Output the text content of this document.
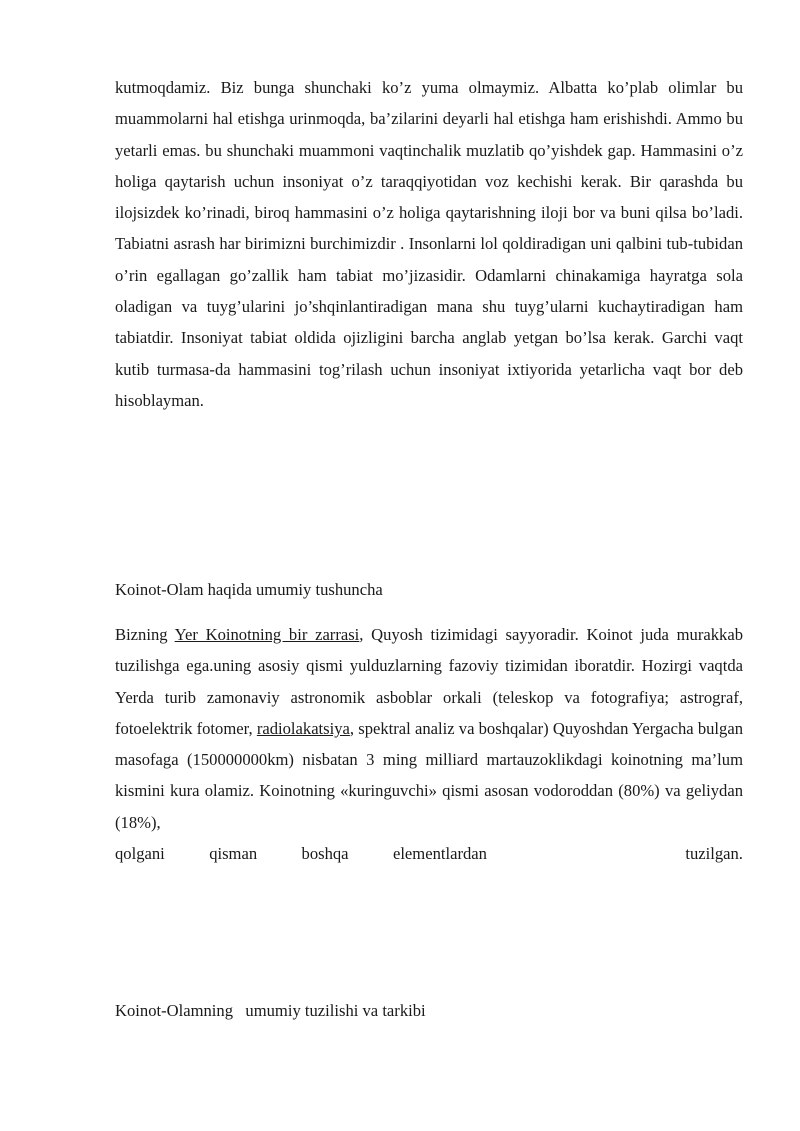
kutmoqdamiz. Biz bunga shunchaki ko’z yuma olmaymiz. Albatta ko’plab olimlar bu muammolarni hal etishga urinmoqda, ba’zilarini deyarli hal etishga ham erishishdi. Ammo bu yetarli emas. bu shunchaki muammoni vaqtinchalik muzlatib qo’yishdek gap. Hammasini o’z holiga qaytarish uchun insoniyat o’z taraqqiyotidan voz kechishi kerak. Bir qarashda bu ilojsizdek ko’rinadi, biroq hammasini o’z holiga qaytarishning iloji bor va buni qilsa bo’ladi. Tabiatni asrash har birimizni burchimizdir . Insonlarni lol qoldiradigan uni qalbini tub-tubidan o’rin egallagan go’zallik ham tabiat mo’jizasidir. Odamlarni chinakamiga hayratga sola oladigan va tuyg’ularini jo’shqinlantiradigan mana shu tuyg’ularni kuchaytiradigan ham tabiatdir. Insoniyat tabiat oldida ojizligini barcha anglab yetgan bo’lsa kerak. Garchi vaqt kutib turmasa-da hammasini tog’rilash uchun insoniyat ixtiyorida yetarlicha vaqt bor deb hisoblayman.

Koinot-Olam haqida umumiy tushuncha
Bizning Yer Koinotning bir zarrasi, Quyosh tizimidagi sayyoradir. Koinot juda murakkab tuzilishga ega.uning asosiy qismi yulduzlarning fazoviy tizimidan iboratdir. Hozirgi vaqtda Yerda turib zamonaviy astronomik asboblar orkali (teleskop va fotografiya; astrograf, fotoelektrik fotomer, radiolakatsiya, spektral analiz va boshqalar) Quyoshdan Yergacha bulgan masofaga (150000000km) nisbatan 3 ming milliard martauzoklikdagi koinotning ma’lum kismini kura olamiz. Koinotning «kuringuvchi» qismi asosan vodoroddan (80%) va geliydan (18%),
qolgani	qisman	boshqa	elementlardan	tuzilgan.
Koinot-Olamning   umumiy tuzilishi va tarkibi
